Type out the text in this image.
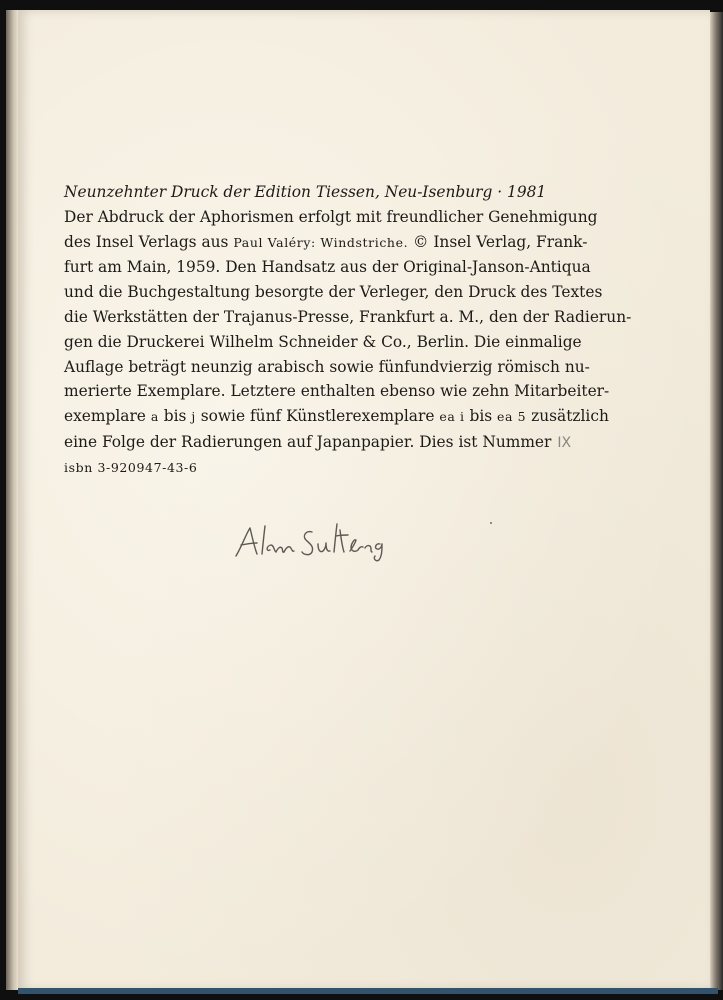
Neunzehnter Druck der Edition Tiessen, Neu-Isenburg · 1981
Der Abdruck der Aphorismen erfolgt mit freundlicher Genehmigung
des Insel Verlags aus Paul Valéry: Windstriche. © Insel Verlag, Frank-
furt am Main, 1959. Den Handsatz aus der Original-Janson-Antiqua
und die Buchgestaltung besorgte der Verleger, den Druck des Textes
die Werkstätten der Trajanus-Presse, Frankfurt a. M., den der Radierun-
gen die Druckerei Wilhelm Schneider & Co., Berlin. Die einmalige
Auflage beträgt neunzig arabisch sowie fünfundvierzig römisch nu-
merierte Exemplare. Letztere enthalten ebenso wie zehn Mitarbeiter-
exemplare a bis j sowie fünf Künstlerexemplare ea i bis ea 5 zusätzlich
eine Folge der Radierungen auf Japanpapier. Dies ist Nummer IX
isbn 3-920947-43-6
